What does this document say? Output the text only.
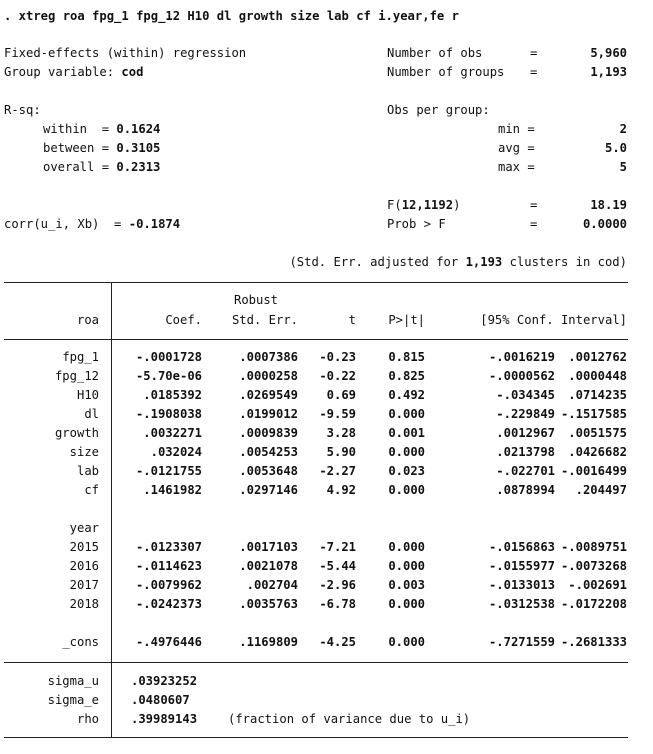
. xtreg roa fpg_1 fpg_12 H10 dl growth size lab cf i.year,fe r
Fixed-effects (within) regression
Group variable: cod
Number of obs	=	5,960
Number of groups =	1,193
R-sq:
within  = 0.1624
between = 0.3105
overall = 0.2313
Obs per group:
min =	2
avg =	5.0
max =	5
F(12,1192)	=	18.19
corr(u_i, Xb)  = -0.1874	Prob > F	=	0.0000
(Std. Err. adjusted for 1,193 clusters in cod)
Robust
roa	Coef. Std. Err.	t	P>|t|	[95% Conf. Interval]
fpg_1	-.0001728	.0007386 -0.23	0.815	-.0016219 .0012762
fpg_12	-5.70e-06	.0000258 -0.22	0.825	-.0000562 .0000448
H10	.0185392	.0269549 0.69	0.492	-.034345 .0714235
dl	-.1908038	.0199012 -9.59	0.000	-.229849 -.1517585
growth	.0032271	.0009839 3.28	0.001	.0012967 .0051575
size	.032024	.0054253 5.90	0.000	.0213798 .0426682
lab	-.0121755	.0053648 -2.27	0.023	-.022701 -.0016499
cf	.1461982	.0297146 4.92	0.000	.0878994 .204497
year
2015	-.0123307	.0017103 -7.21	0.000	-.0156863 -.0089751
2016	-.0114623	.0021078 -5.44	0.000	-.0155977 -.0073268
2017	-.0079962	.002704 -2.96	0.003	-.0133013 -.002691
2018	-.0242373	.0035763 -6.78	0.000	-.0312538 -.0172208
_cons	-.4976446	.1169809 -4.25	0.000	-.7271559 -.2681333
sigma_u	.03923252
sigma_e	.0480607
rho	.39989143	(fraction of variance due to u_i)
